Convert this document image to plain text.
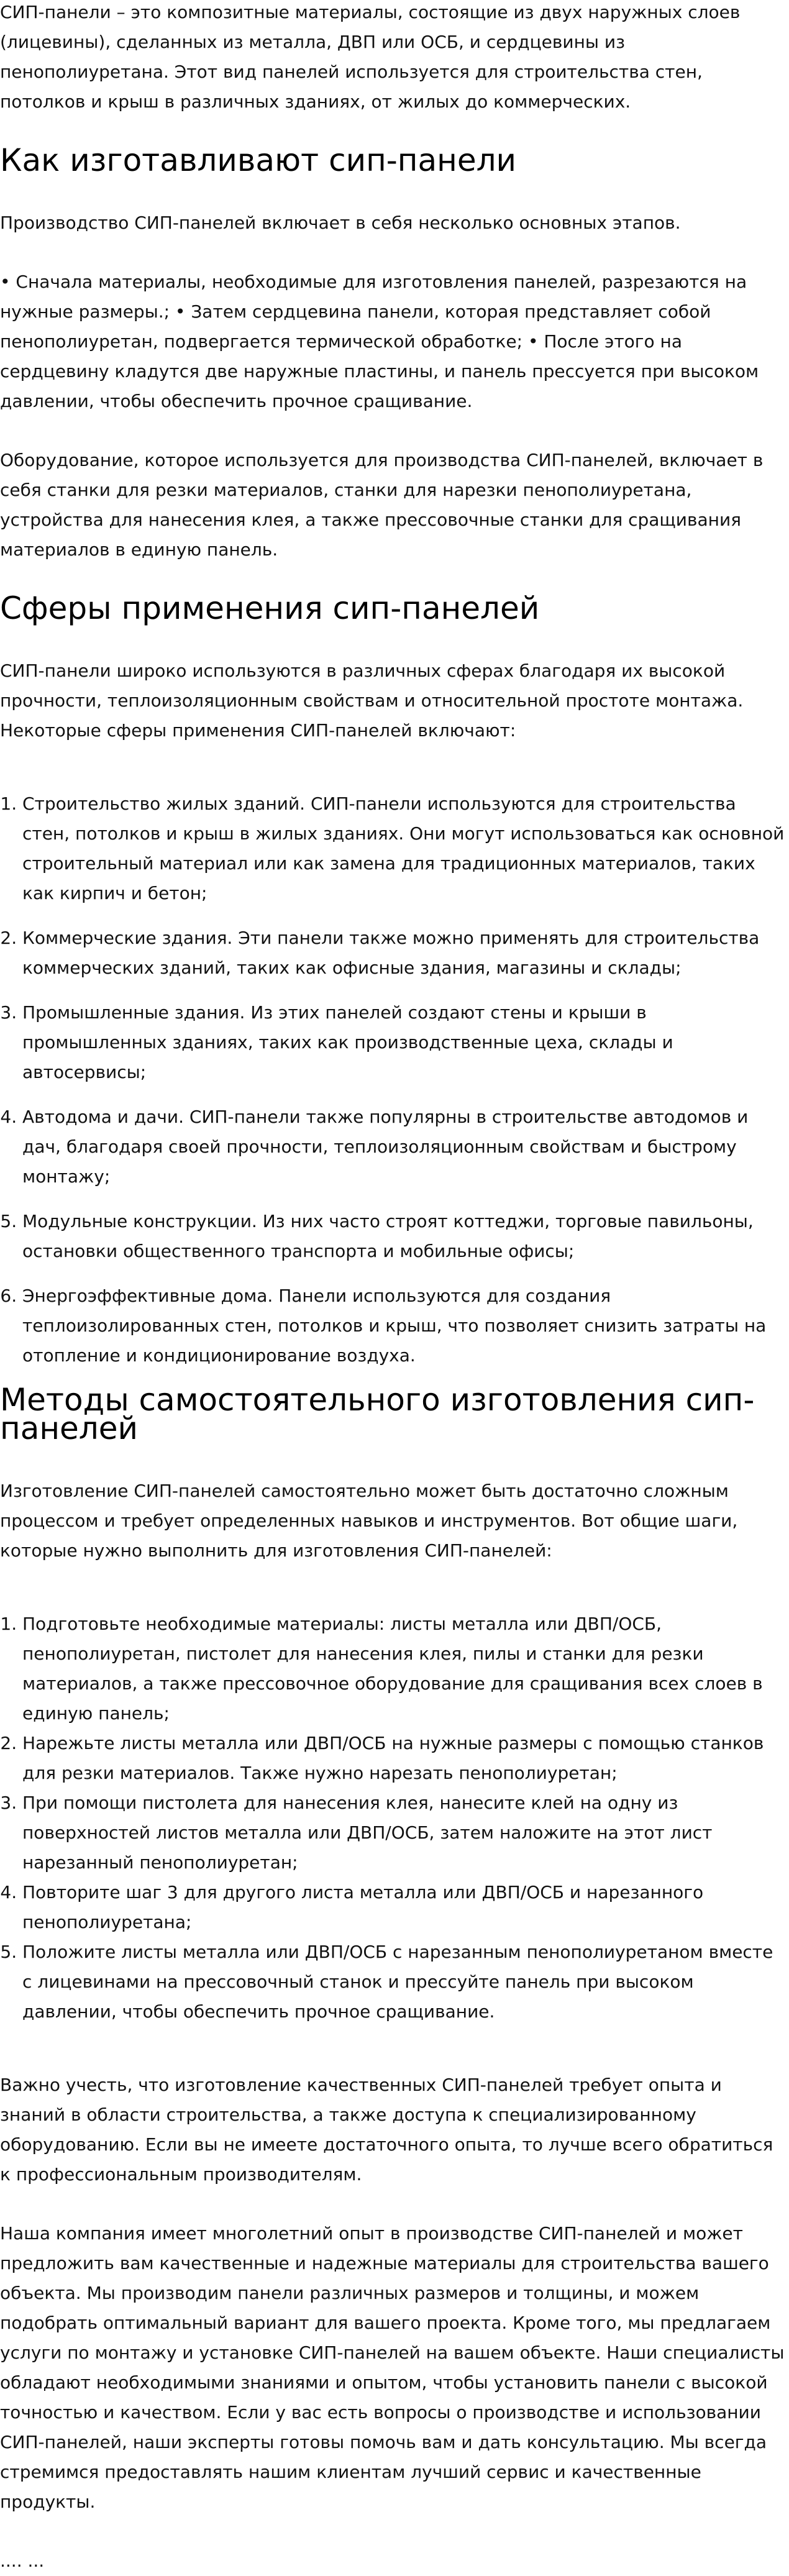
СИП-панели – это композитные материалы, состоящие из двух наружных слоев (лицевины), сделанных из металла, ДВП или ОСБ, и сердцевины из пенополиуретана. Этот вид панелей используется для строительства стен, потолков и крыш в различных зданиях, от жилых до коммерческих.

Как изготавливают сип-панели

Производство СИП-панелей включает в себя несколько основных этапов.

• Сначала материалы, необходимые для изготовления панелей, разрезаются на нужные размеры.; • Затем сердцевина панели, которая представляет собой пенополиуретан, подвергается термической обработке; • После этого на сердцевину кладутся две наружные пластины, и панель прессуется при высоком давлении, чтобы обеспечить прочное сращивание.

Оборудование, которое используется для производства СИП-панелей, включает в себя станки для резки материалов, станки для нарезки пенополиуретана, устройства для нанесения клея, а также прессовочные станки для сращивания материалов в единую панель.

Сферы применения сип-панелей

СИП-панели широко используются в различных сферах благодаря их высокой прочности, теплоизоляционным свойствам и относительной простоте монтажа. Некоторые сферы применения СИП-панелей включают:

1. Строительство жилых зданий. СИП-панели используются для строительства стен, потолков и крыш в жилых зданиях. Они могут использоваться как основной строительный материал или как замена для традиционных материалов, таких как кирпич и бетон;
2. Коммерческие здания. Эти панели также можно применять для строительства коммерческих зданий, таких как офисные здания, магазины и склады;
3. Промышленные здания. Из этих панелей создают стены и крыши в промышленных зданиях, таких как производственные цеха, склады и автосервисы;
4. Автодома и дачи. СИП-панели также популярны в строительстве автодомов и дач, благодаря своей прочности, теплоизоляционным свойствам и быстрому монтажу;
5. Модульные конструкции. Из них часто строят коттеджи, торговые павильоны, остановки общественного транспорта и мобильные офисы;
6. Энергоэффективные дома. Панели используются для создания теплоизолированных стен, потолков и крыш, что позволяет снизить затраты на отопление и кондиционирование воздуха.
Методы самостоятельного изготовления сип-панелей

Изготовление СИП-панелей самостоятельно может быть достаточно сложным процессом и требует определенных навыков и инструментов. Вот общие шаги, которые нужно выполнить для изготовления СИП-панелей:

1. Подготовьте необходимые материалы: листы металла или ДВП/ОСБ, пенополиуретан, пистолет для нанесения клея, пилы и станки для резки материалов, а также прессовочное оборудование для сращивания всех слоев в единую панель;
2. Нарежьте листы металла или ДВП/ОСБ на нужные размеры с помощью станков для резки материалов. Также нужно нарезать пенополиуретан;
3. При помощи пистолета для нанесения клея, нанесите клей на одну из поверхностей листов металла или ДВП/ОСБ, затем наложите на этот лист нарезанный пенополиуретан;
4. Повторите шаг 3 для другого листа металла или ДВП/ОСБ и нарезанного пенополиуретана;
5. Положите листы металла или ДВП/ОСБ с нарезанным пенополиуретаном вместе с лицевинами на прессовочный станок и прессуйте панель при высоком давлении, чтобы обеспечить прочное сращивание.

Важно учесть, что изготовление качественных СИП-панелей требует опыта и знаний в области строительства, а также доступа к специализированному оборудованию. Если вы не имеете достаточного опыта, то лучше всего обратиться к профессиональным производителям.

Наша компания имеет многолетний опыт в производстве СИП-панелей и может предложить вам качественные и надежные материалы для строительства вашего объекта. Мы производим панели различных размеров и толщины, и можем подобрать оптимальный вариант для вашего проекта. Кроме того, мы предлагаем услуги по монтажу и установке СИП-панелей на вашем объекте. Наши специалисты обладают необходимыми знаниями и опытом, чтобы установить панели с высокой точностью и качеством. Если у вас есть вопросы о производстве и использовании СИП-панелей, наши эксперты готовы помочь вам и дать консультацию. Мы всегда стремимся предоставлять нашим клиентам лучший сервис и качественные продукты.

.... ...
